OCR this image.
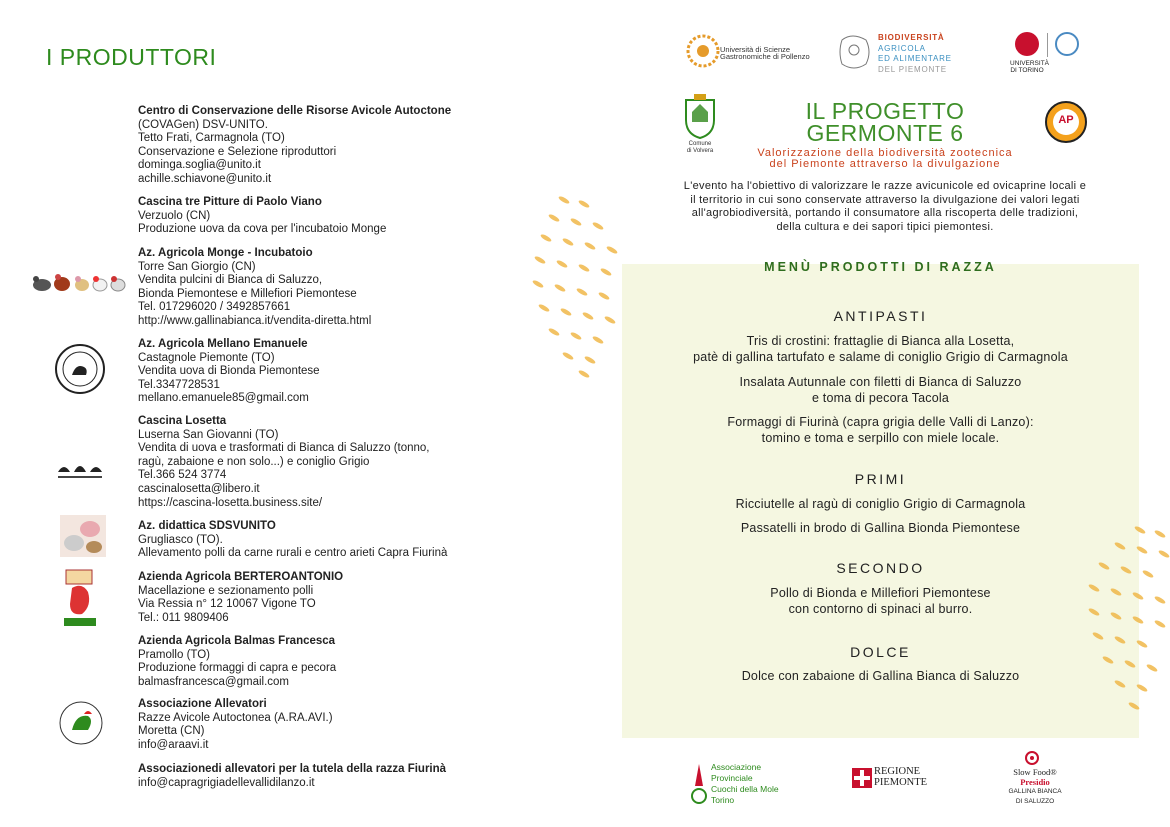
I PRODUTTORI
Centro di Conservazione delle Risorse Avicole Autoctone
(COVAGen) DSV-UNITO.
Tetto Frati, Carmagnola (TO)
Conservazione e Selezione riproduttori
dominga.soglia@unito.it
achille.schiavone@unito.it
Cascina tre Pitture di Paolo Viano
Verzuolo (CN)
Produzione uova da cova per l'incubatoio Monge
Az. Agricola Monge - Incubatoio
Torre San Giorgio (CN)
Vendita pulcini di Bianca di Saluzzo,
Bionda Piemontese e Millefiori Piemontese
Tel. 017296020 / 3492857661
http://www.gallinabianca.it/vendita-diretta.html
Az. Agricola Mellano Emanuele
Castagnole Piemonte (TO)
Vendita uova di Bionda Piemontese
Tel.3347728531
mellano.emanuele85@gmail.com
Cascina Losetta
Luserna San Giovanni (TO)
Vendita di uova e trasformati di Bianca di Saluzzo (tonno,
ragù, zabaione e non solo...) e coniglio Grigio
Tel.366 524 3774
cascinalosetta@libero.it
https://cascina-losetta.business.site/
Az. didattica SDSVUNITO
Grugliasco (TO).
Allevamento polli da carne rurali e centro arieti Capra Fiurinà
Azienda Agricola BERTEROANTONIO
Macellazione e sezionamento polli
Via Ressia n° 12 10067 Vigone TO
Tel.: 011 9809406
Azienda Agricola Balmas Francesca
Pramollo (TO)
Produzione formaggi di capra e pecora
balmasfrancesca@gmail.com
Associazione Allevatori
Razze Avicole Autoctonea (A.RA.AVI.)
Moretta (CN)
info@araavi.it
Associazionedi allevatori per la tutela della razza Fiurinà
info@capragrigiadellevallidilanzo.it
Università di Scienze
Gastronomiche di Pollenzo
BIODIVERSITÀ
AGRICOLA
ED ALIMENTARE
DEL PIEMONTE
UNIVERSITÀ
DI TORINO
Comune
di Volvera
AP
IL PROGETTO
GERMONTE 6
Valorizzazione della biodiversità zootecnica
del Piemonte attraverso la divulgazione
L'evento ha l'obiettivo di valorizzare le razze avicunicole ed ovicaprine locali e
il territorio in cui sono conservate attraverso la divulgazione dei valori legati
all'agrobiodiversità, portando il consumatore alla riscoperta delle tradizioni,
della cultura e dei sapori tipici piemontesi.
MENÙ PRODOTTI DI RAZZA
ANTIPASTI
Tris di crostini: frattaglie di Bianca alla Losetta,
patè di gallina tartufato e salame di coniglio Grigio di Carmagnola
Insalata Autunnale con filetti di Bianca di Saluzzo
e toma di pecora Tacola
Formaggi di Fiurinà (capra grigia delle Valli di Lanzo):
tomino e toma e serpillo con miele locale.
PRIMI
Ricciutelle al ragù di coniglio Grigio di Carmagnola
Passatelli in brodo di Gallina Bionda Piemontese
SECONDO
Pollo di Bionda e Millefiori Piemontese
con contorno di spinaci al burro.
DOLCE
Dolce con zabaione di Gallina Bianca di Saluzzo
Associazione
Provinciale
Cuochi della Mole
Torino
REGIONE
PIEMONTE
Slow Food®
Presìdio
GALLINA BIANCA
DI SALUZZO
